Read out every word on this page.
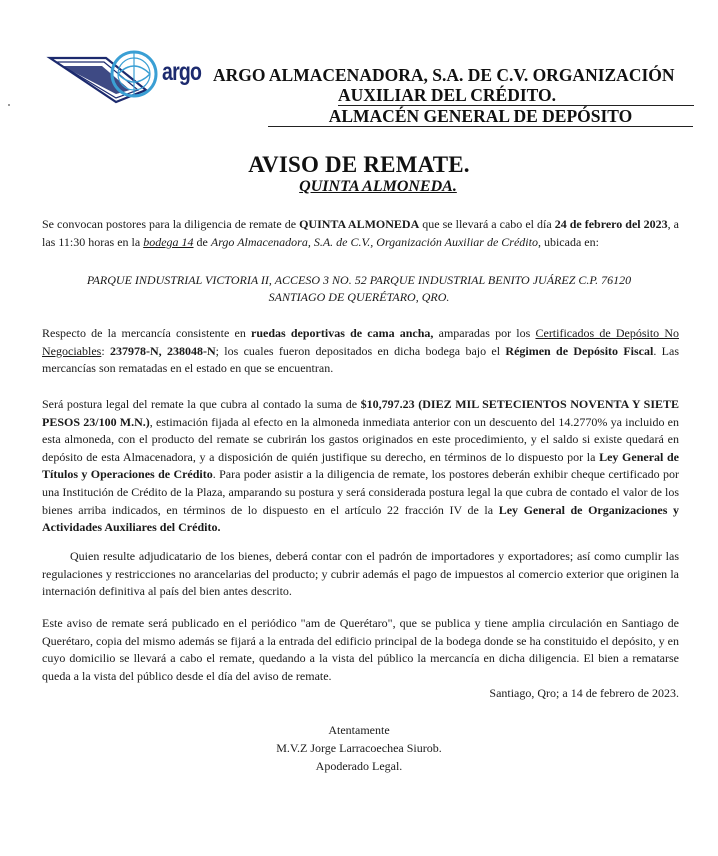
argo ARGO ALMACENADORA, S.A. DE C.V. ORGANIZACIÓN
AUXILIAR DEL CRÉDITO.
ALMACÉN GENERAL DE DEPÓSITO
AVISO DE REMATE.
QUINTA ALMONEDA.
Se convocan postores para la diligencia de remate de QUINTA ALMONEDA que se llevará a cabo el día 24 de febrero del 2023, a las 11:30 horas en la bodega 14 de Argo Almacenadora, S.A. de C.V., Organización Auxiliar de Crédito, ubicada en:
PARQUE INDUSTRIAL VICTORIA II, ACCESO 3 NO. 52 PARQUE INDUSTRIAL BENITO JUÁREZ C.P. 76120
SANTIAGO DE QUERÉTARO, QRO.
Respecto de la mercancía consistente en ruedas deportivas de cama ancha, amparadas por los Certificados de Depósito No Negociables: 237978-N, 238048-N; los cuales fueron depositados en dicha bodega bajo el Régimen de Depósito Fiscal. Las mercancías son rematadas en el estado en que se encuentran.
Será postura legal del remate la que cubra al contado la suma de $10,797.23 (DIEZ MIL SETECIENTOS NOVENTA Y SIETE PESOS 23/100 M.N.), estimación fijada al efecto en la almoneda inmediata anterior con un descuento del 14.2770% ya incluido en esta almoneda, con el producto del remate se cubrirán los gastos originados en este procedimiento, y el saldo si existe quedará en depósito de esta Almacenadora, y a disposición de quién justifique su derecho, en términos de lo dispuesto por la Ley General de Títulos y Operaciones de Crédito. Para poder asistir a la diligencia de remate, los postores deberán exhibir cheque certificado por una Institución de Crédito de la Plaza, amparando su postura y será considerada postura legal la que cubra de contado el valor de los bienes arriba indicados, en términos de lo dispuesto en el artículo 22 fracción IV de la Ley General de Organizaciones y Actividades Auxiliares del Crédito.
Quien resulte adjudicatario de los bienes, deberá contar con el padrón de importadores y exportadores; así como cumplir las regulaciones y restricciones no arancelarias del producto; y cubrir además el pago de impuestos al comercio exterior que originen la internación definitiva al país del bien antes descrito.
Este aviso de remate será publicado en el periódico "am de Querétaro", que se publica y tiene amplia circulación en Santiago de Querétaro, copia del mismo además se fijará a la entrada del edificio principal de la bodega donde se ha constituido el depósito, y en cuyo domicilio se llevará a cabo el remate, quedando a la vista del público la mercancía en dicha diligencia. El bien a rematarse queda a la vista del público desde el día del aviso de remate.
Santiago, Qro; a 14 de febrero de 2023.
Atentamente
M.V.Z Jorge Larracoechea Siurob.
Apoderado Legal.
